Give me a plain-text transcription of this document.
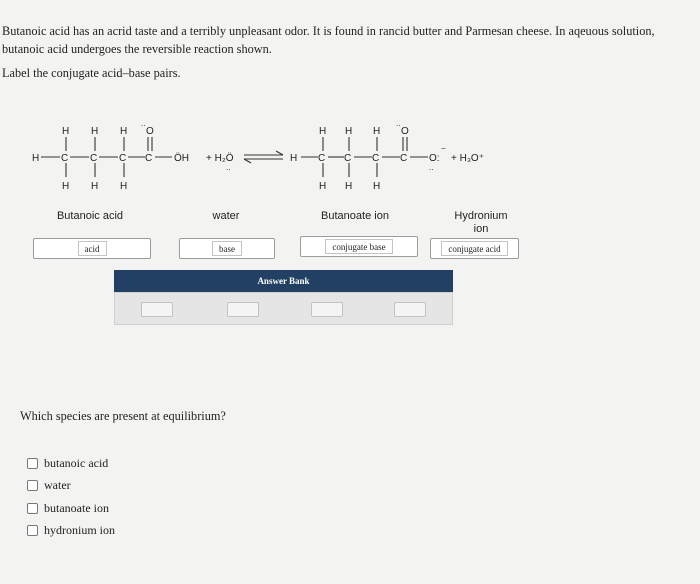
Butanoic acid has an acrid taste and a terribly unpleasant odor. It is found in rancid butter and Parmesan cheese. In aqeuous solution, butanoic acid undergoes the reversible reaction shown.
Label the conjugate acid–base pairs.
H C C C C
H H H
H H H
O
..
ÖH + H₂Ö
..
H C C C C
H H H
H H H
O
..
O:
−
..
+ H₃O⁺
Butanoic acid	water	Butanoate ion	Hydronium
ion
acid	base	conjugate base	conjugate acid
Answer Bank
Which species are present at equilibrium?
butanoic acid
water
butanoate ion
hydronium ion
